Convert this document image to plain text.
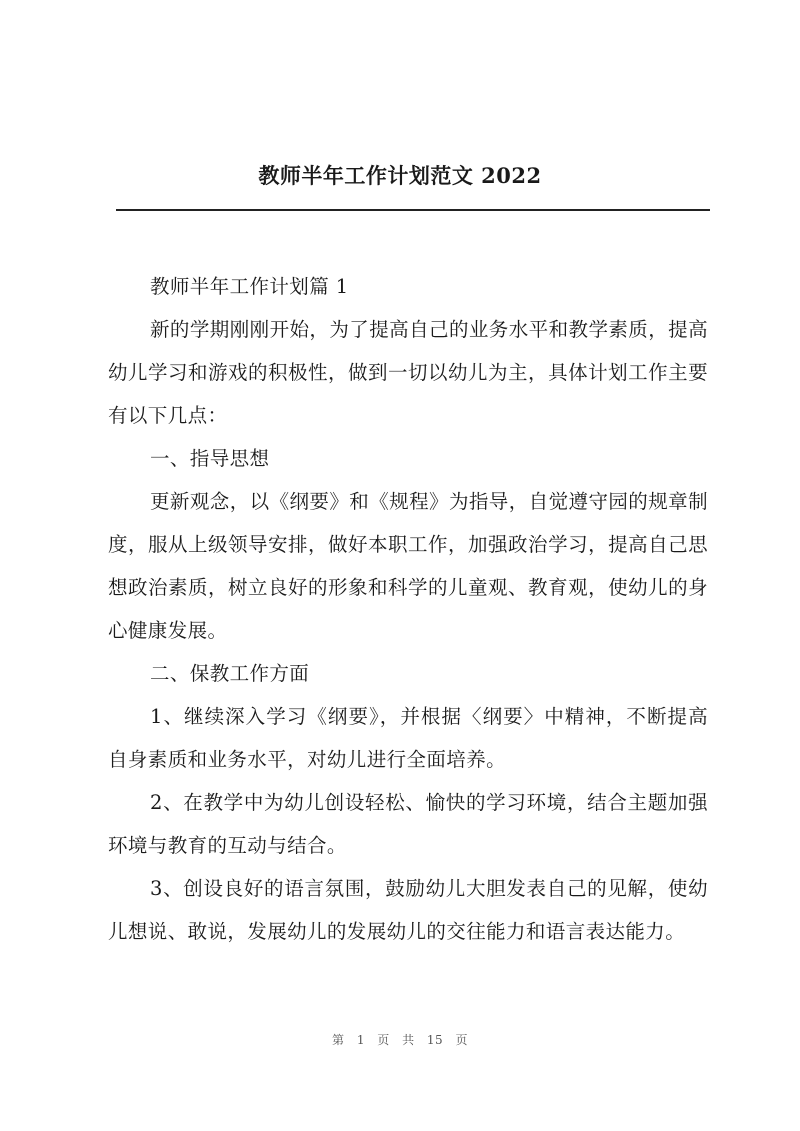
教师半年工作计划范文 2022

教师半年工作计划篇 1

新的学期刚刚开始，为了提高自己的业务水平和教学素质，提高幼儿学习和游戏的积极性，做到一切以幼儿为主，具体计划工作主要有以下几点：

一、指导思想

更新观念，以《纲要》和《规程》为指导，自觉遵守园的规章制度，服从上级领导安排，做好本职工作，加强政治学习，提高自己思想政治素质，树立良好的形象和科学的儿童观、教育观，使幼儿的身心健康发展。

二、保教工作方面

1、继续深入学习《纲要》，并根据〈纲要〉中精神，不断提高自身素质和业务水平，对幼儿进行全面培养。

2、在教学中为幼儿创设轻松、愉快的学习环境，结合主题加强环境与教育的互动与结合。

3、创设良好的语言氛围，鼓励幼儿大胆发表自己的见解，使幼儿想说、敢说，发展幼儿的发展幼儿的交往能力和语言表达能力。

第 1 页 共 15 页
